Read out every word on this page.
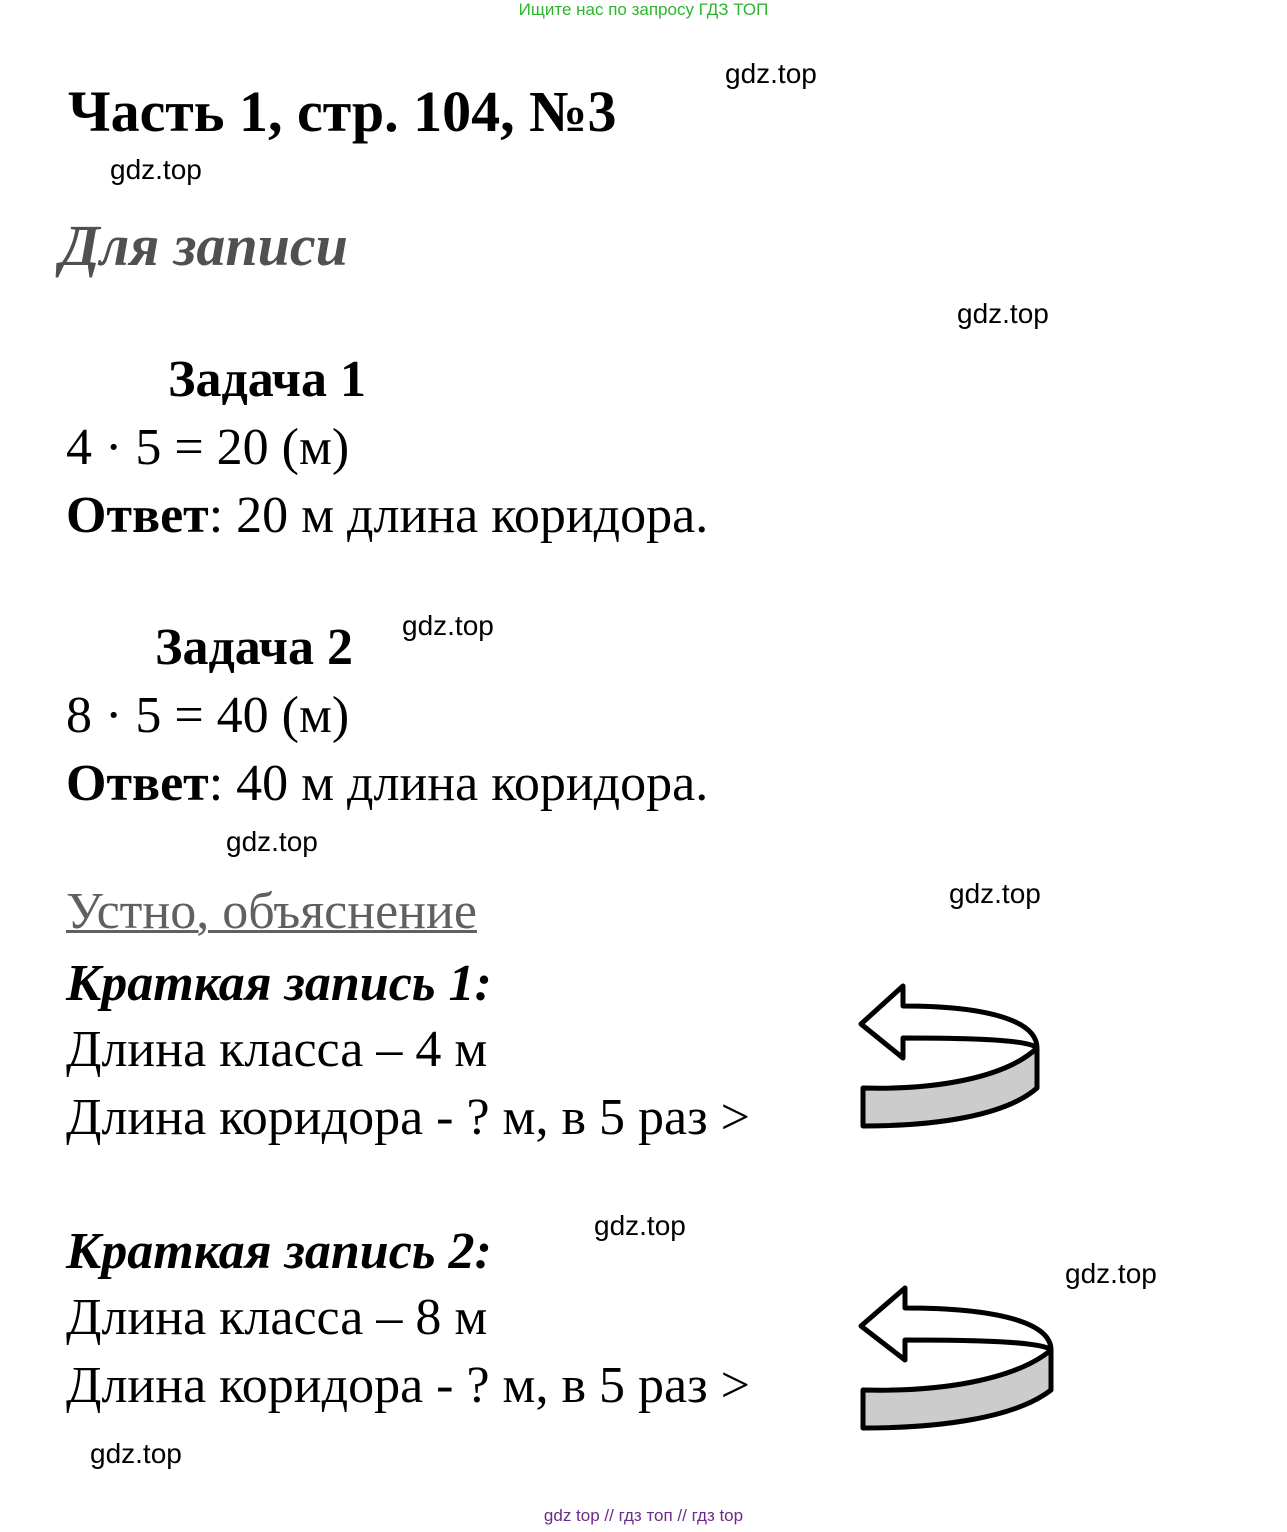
Ищите нас по запросу ГДЗ ТОП
gdz.top
Часть 1, стр. 104, №3
gdz.top
Для записи
gdz.top
Задача 1
4 · 5 = 20 (м)
Ответ: 20 м длина коридора.
Задача 2 gdz.top
8 · 5 = 40 (м)
Ответ: 40 м длина коридора.
gdz.top
Устно, объяснение	gdz.top
Краткая запись 1:
Длина класса – 4 м
Длина коридора - ? м, в 5 раз >
Краткая запись 2:	gdz.top
gdz.top
Длина класса – 8 м
Длина коридора - ? м, в 5 раз >
gdz.top
gdz top // гдз топ // гдз top
